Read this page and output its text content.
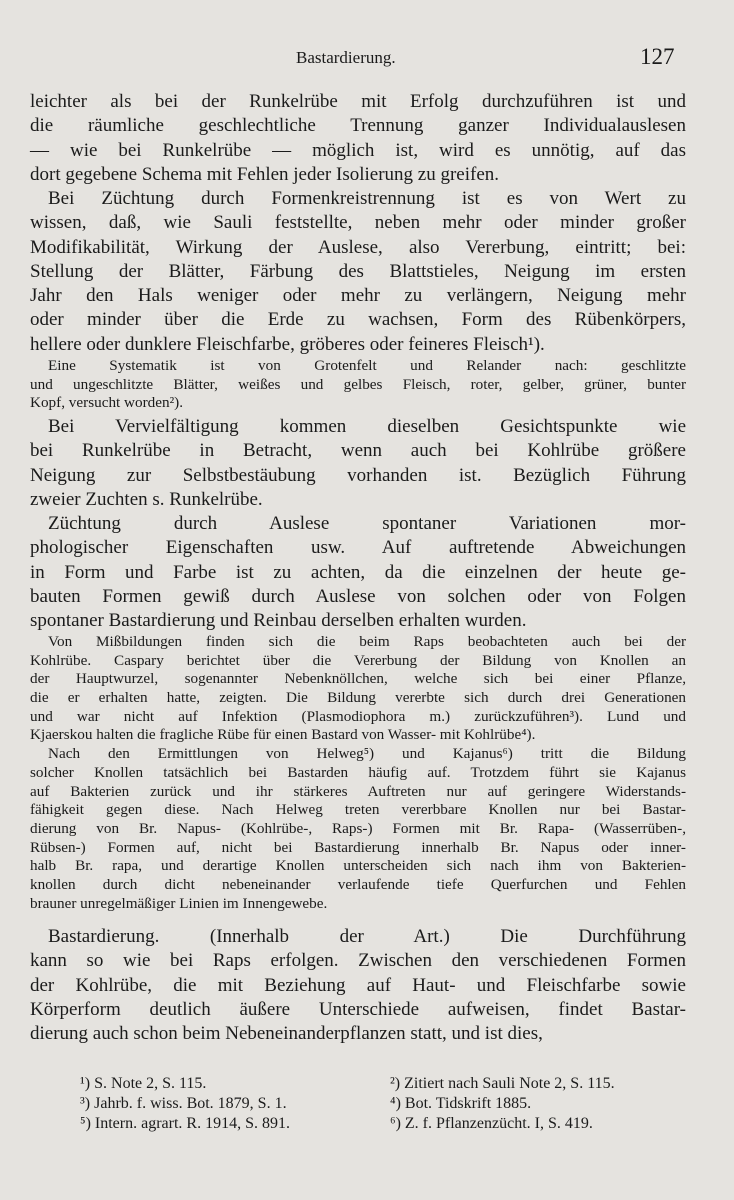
Bastardierung.	127
leichter als bei der Runkelrübe mit Erfolg durchzuführen ist und
die räumliche geschlechtliche Trennung ganzer Individualauslesen
— wie bei Runkelrübe — möglich ist, wird es unnötig, auf das
dort gegebene Schema mit Fehlen jeder Isolierung zu greifen.
Bei Züchtung durch Formenkreistrennung ist es von Wert zu
wissen, daß, wie Sauli feststellte, neben mehr oder minder großer
Modifikabilität, Wirkung der Auslese, also Vererbung, eintritt; bei:
Stellung der Blätter, Färbung des Blattstieles, Neigung im ersten
Jahr den Hals weniger oder mehr zu verlängern, Neigung mehr
oder minder über die Erde zu wachsen, Form des Rübenkörpers,
hellere oder dunklere Fleischfarbe, gröberes oder feineres Fleisch¹).
Eine Systematik ist von Grotenfelt und Relander nach: geschlitzte
und ungeschlitzte Blätter, weißes und gelbes Fleisch, roter, gelber, grüner, bunter
Kopf, versucht worden²).
Bei Vervielfältigung kommen dieselben Gesichtspunkte wie
bei Runkelrübe in Betracht, wenn auch bei Kohlrübe größere
Neigung zur Selbstbestäubung vorhanden ist. Bezüglich Führung
zweier Zuchten s. Runkelrübe.
Züchtung durch Auslese spontaner Variationen mor-
phologischer Eigenschaften usw. Auf auftretende Abweichungen
in Form und Farbe ist zu achten, da die einzelnen der heute ge-
bauten Formen gewiß durch Auslese von solchen oder von Folgen
spontaner Bastardierung und Reinbau derselben erhalten wurden.
Von Mißbildungen finden sich die beim Raps beobachteten auch bei der
Kohlrübe. Caspary berichtet über die Vererbung der Bildung von Knollen an
der Hauptwurzel, sogenannter Nebenknöllchen, welche sich bei einer Pflanze,
die er erhalten hatte, zeigten. Die Bildung vererbte sich durch drei Generationen
und war nicht auf Infektion (Plasmodiophora m.) zurückzuführen³). Lund und
Kjaerskou halten die fragliche Rübe für einen Bastard von Wasser- mit Kohlrübe⁴).
Nach den Ermittlungen von Helweg⁵) und Kajanus⁶) tritt die Bildung
solcher Knollen tatsächlich bei Bastarden häufig auf. Trotzdem führt sie Kajanus
auf Bakterien zurück und ihr stärkeres Auftreten nur auf geringere Widerstands-
fähigkeit gegen diese. Nach Helweg treten vererbbare Knollen nur bei Bastar-
dierung von Br. Napus- (Kohlrübe-, Raps-) Formen mit Br. Rapa- (Wasserrüben-,
Rübsen-) Formen auf, nicht bei Bastardierung innerhalb Br. Napus oder inner-
halb Br. rapa, und derartige Knollen unterscheiden sich nach ihm von Bakterien-
knollen durch dicht nebeneinander verlaufende tiefe Querfurchen und Fehlen
brauner unregelmäßiger Linien im Innengewebe.
Bastardierung. (Innerhalb der Art.) Die Durchführung
kann so wie bei Raps erfolgen. Zwischen den verschiedenen Formen
der Kohlrübe, die mit Beziehung auf Haut- und Fleischfarbe sowie
Körperform deutlich äußere Unterschiede aufweisen, findet Bastar-
dierung auch schon beim Nebeneinanderpflanzen statt, und ist dies,
¹) S. Note 2, S. 115.	²) Zitiert nach Sauli Note 2, S. 115.
³) Jahrb. f. wiss. Bot. 1879, S. 1.	⁴) Bot. Tidskrift 1885.
⁵) Intern. agrart. R. 1914, S. 891.	⁶) Z. f. Pflanzenzücht. I, S. 419.
